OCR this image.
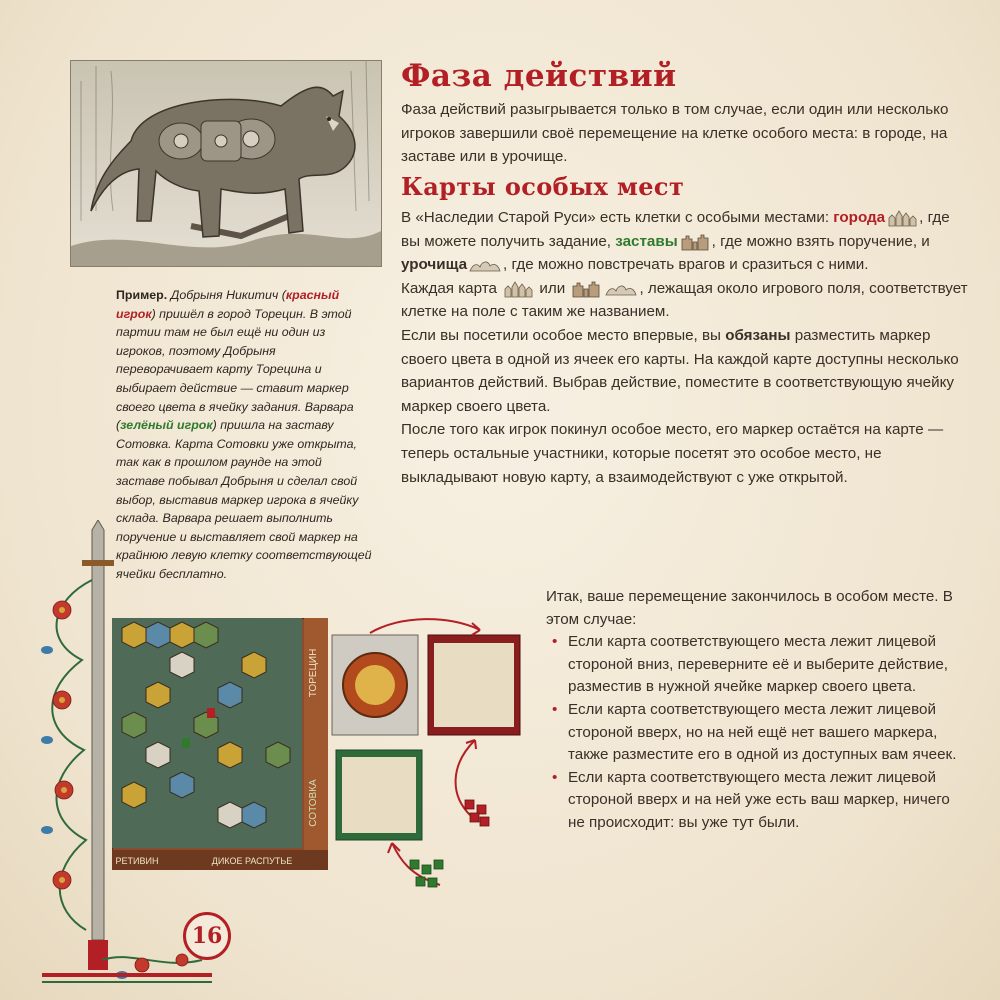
Пример. Добрыня Никитич (красный игрок) пришёл в город Торецин. В этой партии там не был ещё ни один из игроков, поэтому Добрыня переворачивает карту Торецина и выбирает действие — ставит маркер своего цвета в ячейку задания. Варвара (зелёный игрок) пришла на заставу Сотовка. Карта Сотовки уже открыта, так как в прошлом раунде на этой заставе побывал Добрыня и сделал свой выбор, выставив маркер игрока в ячейку склада. Варвара решает выполнить поручение и выставляет свой маркер на крайнюю левую клетку соответствующей ячейки бесплатно.
Фаза действий

Фаза действий разыгрывается только в том случае, если один или несколько игроков завершили своё перемещение на клетке особого места: в городе, на заставе или в урочище.

Карты особых мест

В «Наследии Старой Руси» есть клетки с особыми местами: города , где вы можете получить задание, заставы , где можно взять поручение, и урочища , где можно повстречать врагов и сразиться с ними.
Каждая карта  или	, лежащая около игрового поля, соответствует клетке на поле с таким же названием.
Если вы посетили особое место впервые, вы обязаны разместить маркер своего цвета в одной из ячеек его карты. На каждой карте доступны несколько вариантов действий. Выбрав действие, поместите в соответствующую ячейку маркер своего цвета.
После того как игрок покинул особое место, его маркер остаётся на карте — теперь остальные участники, которые посетят это особое место, не выкладывают новую карту, а взаимодействуют с уже открытой.

Итак, ваше перемещение закончилось в особом месте. В этом случае:
• Если карта соответствующего места лежит лицевой стороной вниз, переверните её и выберите действие, разместив в нужной ячейке маркер своего цвета.
• Если карта соответствующего места лежит лицевой стороной вверх, но на ней ещё нет вашего маркера, также разместите его в одной из доступных вам ячеек.
• Если карта соответствующего места лежит лицевой стороной вверх и на ней уже есть ваш маркер, ничего не происходит: вы уже тут были.
16
ТОРЕЦИН
СОТОВКА
ДИКОЕ РАСПУТЬЕ
РЕТИВИН
